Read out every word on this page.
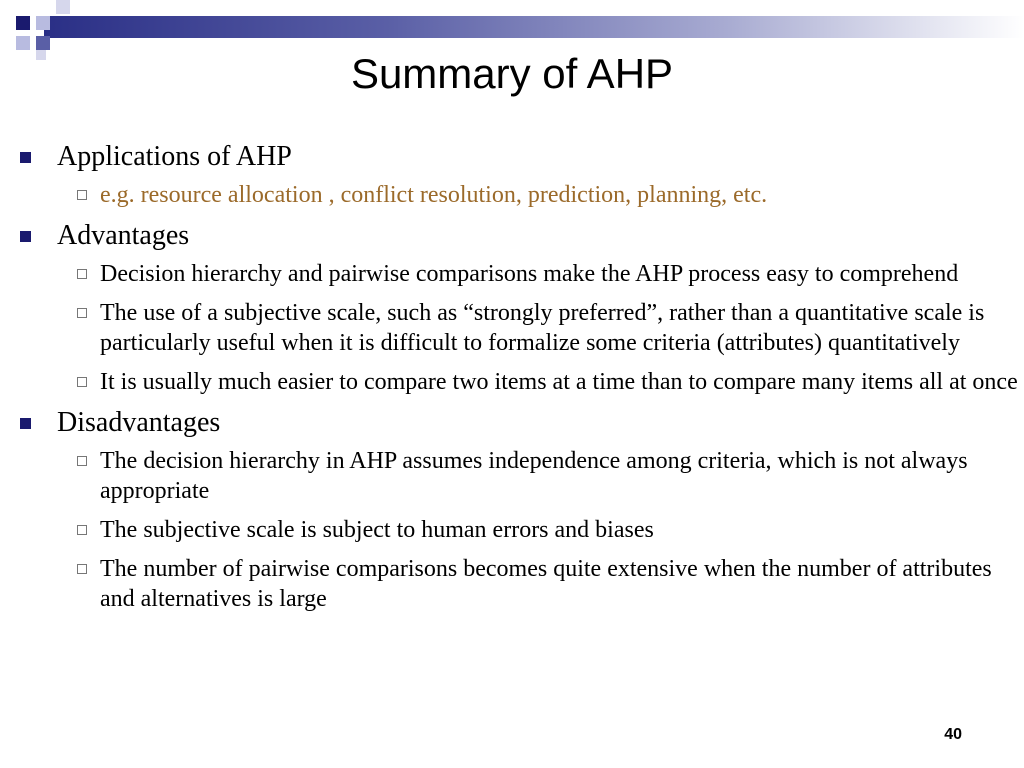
Summary of AHP
Applications of AHP
e.g. resource allocation , conflict resolution, prediction, planning, etc.
Advantages
Decision hierarchy and pairwise comparisons make the AHP process easy to comprehend
The use of a subjective scale, such as “strongly preferred”, rather than a quantitative scale is particularly useful when it is difficult to formalize some criteria (attributes) quantitatively
It is usually much easier to compare two items at a time than to compare many items all at once
Disadvantages
The decision hierarchy in AHP assumes independence among criteria, which is not always appropriate
The subjective scale is subject to human errors and biases
The number of pairwise comparisons becomes quite extensive when the number of attributes and alternatives is large
40
